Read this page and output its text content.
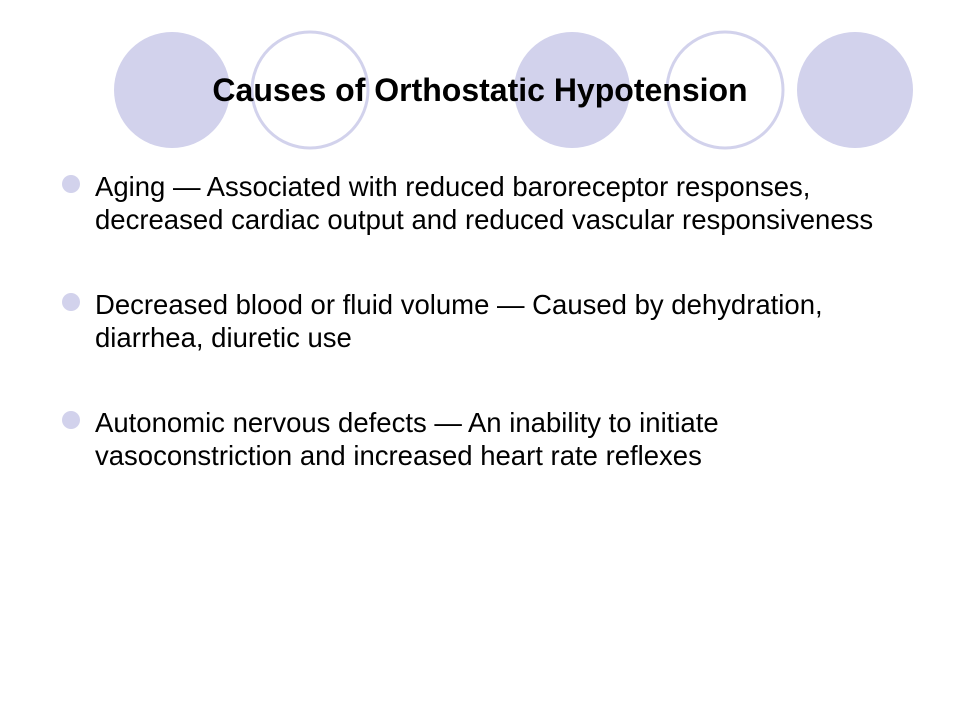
Causes of Orthostatic Hypotension
Aging — Associated with reduced baroreceptor responses, decreased cardiac output and reduced vascular responsiveness
Decreased blood or fluid volume — Caused by dehydration, diarrhea, diuretic use
Autonomic nervous defects — An inability to initiate vasoconstriction and increased heart rate reflexes
